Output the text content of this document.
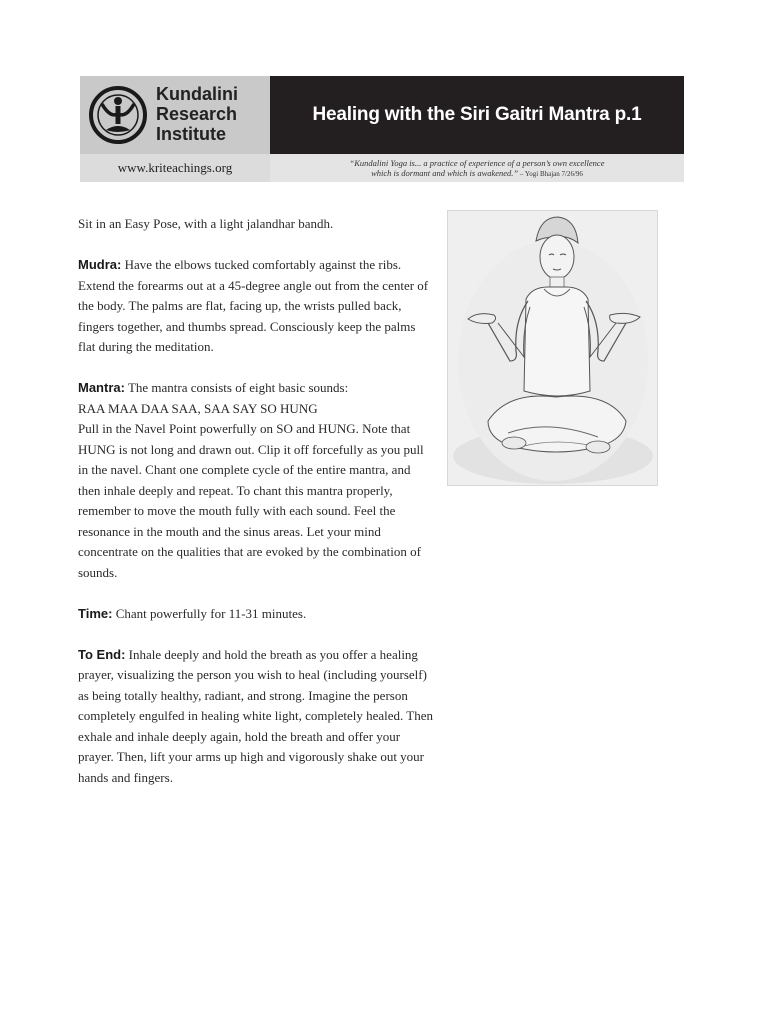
Kundalini
Research
Institute
Healing with the Siri Gaitri Mantra p.1
www.kriteachings.org	“Kundalini Yoga is... a practice of experience of a person’s own excellence
which is dormant and which is awakened.” – Yogi Bhajan 7/26/96

Sit in an Easy Pose, with a light jalandhar bandh.

Mudra: Have the elbows tucked comfortably against the ribs. Extend the forearms out at a 45-degree angle out from the center of the body. The palms are flat, facing up, the wrists pulled back, fingers together, and thumbs spread. Consciously keep the palms flat during the meditation.

Mantra: The mantra consists of eight basic sounds:
RAA MAA DAA SAA, SAA SAY SO HUNG
Pull in the Navel Point powerfully on SO and HUNG. Note that HUNG is not long and drawn out. Clip it off forcefully as you pull in the navel. Chant one complete cycle of the entire mantra, and then inhale deeply and repeat. To chant this mantra properly, remember to move the mouth fully with each sound. Feel the resonance in the mouth and the sinus areas. Let your mind concentrate on the qualities that are evoked by the combination of sounds.

Time: Chant powerfully for 11-31 minutes.

To End: Inhale deeply and hold the breath as you offer a healing prayer, visualizing the person you wish to heal (including yourself) as being totally healthy, radiant, and strong. Imagine the person completely engulfed in healing white light, completely healed. Then exhale and inhale deeply again, hold the breath and offer your prayer. Then, lift your arms up high and vigorously shake out your hands and fingers.
